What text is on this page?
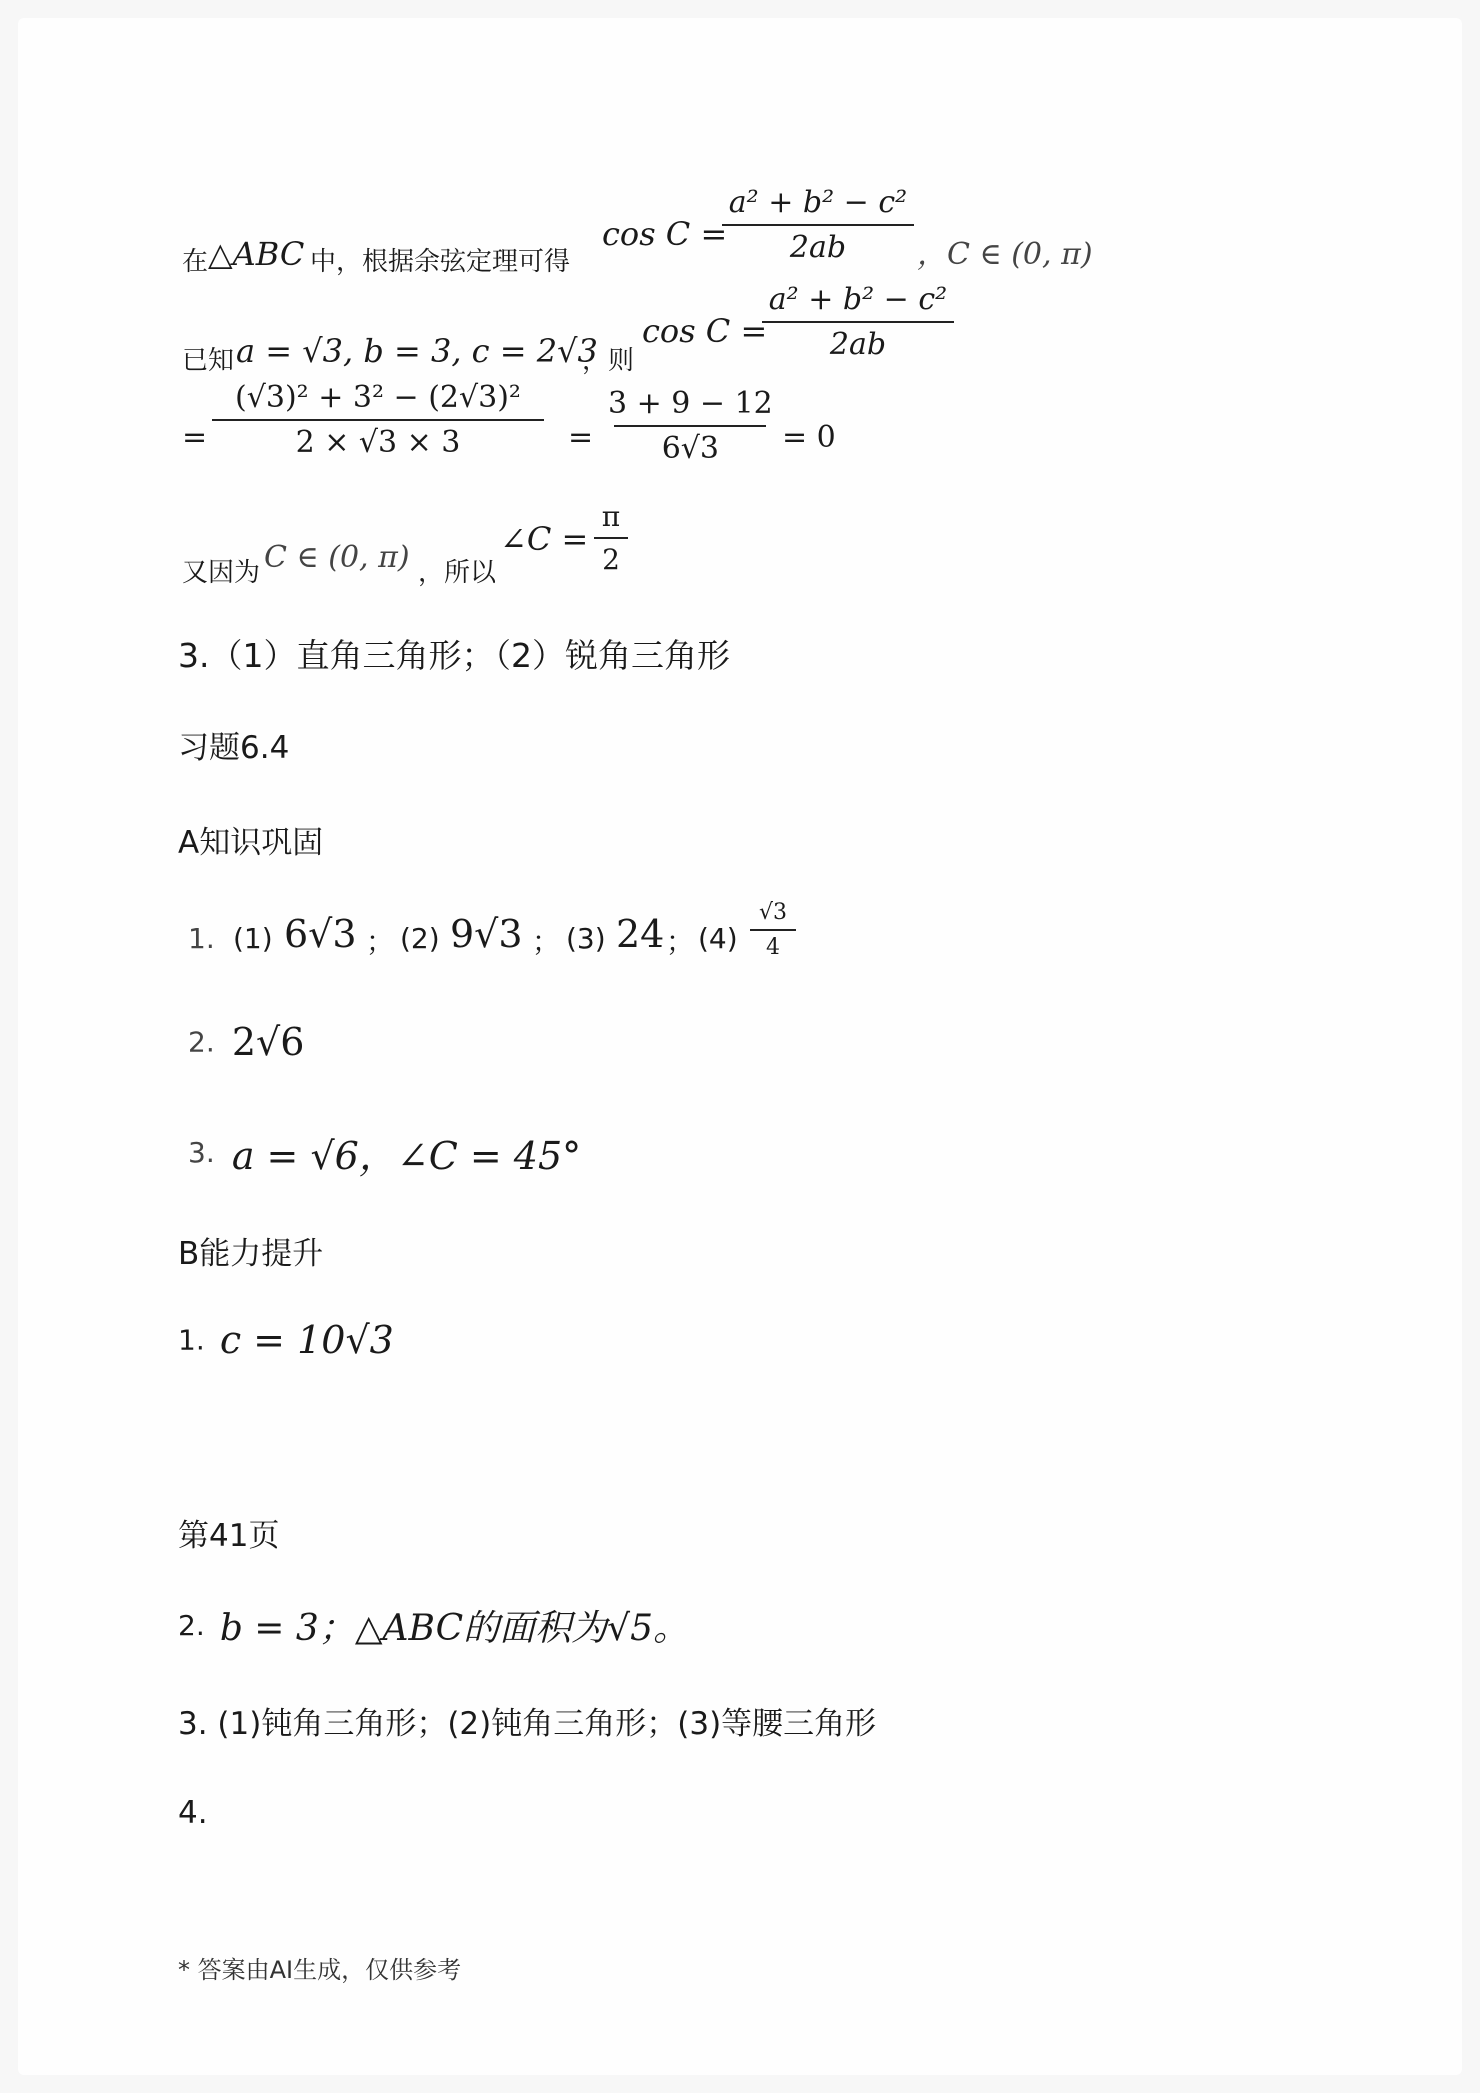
在 △ABC 中，根据余弦定理可得
cos C =
$\frac{\text{a² + b² − c²}}{2ab}$ ，C ∈ (0, π)
已知 a = √3, b = 3, c = 2√3
，则
cos C =
$\frac{\text{a² + b² − c²}}{2ab}$
= $\frac{\text{(√3)² + 3² − (2√3)²}}{2 \times √3 \times 3} = \frac{3 + 9 - 12}{6√3} = 0$
又因为 C ∈ (0, π) ，所以
∠C = $\frac{\pi}{2}$
3.（1）直角三角形；（2）锐角三角形
习题6.4
A知识巩固
1. (1) 6√3 ； (2) 9√3 ； (3) 24 ； $(4) \frac{√3}{4}$
2. 2√6
3. a = √6，∠C = 45°
B能力提升
1. c = 10√3
第41页
2. b = 3；△ABC的面积为√5。
3. (1)钝角三角形；(2)钝角三角形；(3)等腰三角形
4.
* 答案由AI生成，仅供参考
